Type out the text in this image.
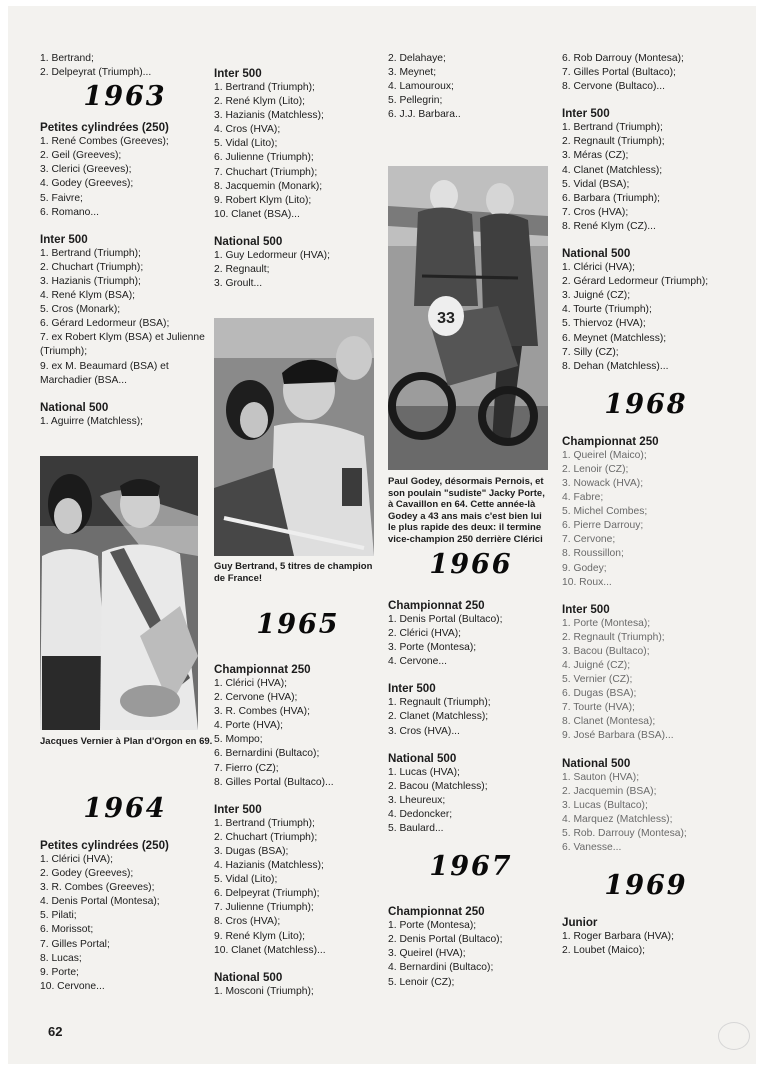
1. Bertrand;

2. Delpeyrat (Triumph)...

1963
Petites cylindrées (250)

1. René Combes (Greeves);

2. Geil (Greeves);

3. Clerici (Greeves);

4. Godey (Greeves);

5. Faivre;

6. Romano...

Inter 500

1. Bertrand (Triumph);

2. Chuchart (Triumph);

3. Hazianis (Triumph);

4. René Klym (BSA);

5. Cros (Monark);

6. Gérard Ledormeur (BSA);

7. ex Robert Klym (BSA) et Julienne (Triumph);

9. ex M. Beaumard (BSA) et Marchadier (BSA...

National 500

1. Aguirre (Matchless);

Jacques Vernier à Plan d'Orgon en 69.
1964
Petites cylindrées (250)

1. Clérici (HVA);

2. Godey (Greeves);

3. R. Combes (Greeves);

4. Denis Portal (Montesa);

5. Pilati;

6. Morissot;

7. Gilles Portal;

8. Lucas;

9. Porte;

10. Cervone...

Inter 500

1. Bertrand (Triumph);

2. René Klym (Lito);

3. Hazianis (Matchless);

4. Cros (HVA);

5. Vidal (Lito);

6. Julienne (Triumph);

7. Chuchart (Triumph);

8. Jacquemin (Monark);

9. Robert Klym (Lito);

10. Clanet (BSA)...

National 500

1. Guy Ledormeur (HVA);

2. Regnault;

3. Groult...

Guy Bertrand, 5 titres de champion de France!
1965
Championnat 250

1. Clérici (HVA);

2. Cervone (HVA);

3. R. Combes (HVA);

4. Porte (HVA);

5. Mompo;

6. Bernardini (Bultaco);

7. Fierro (CZ);

8. Gilles Portal (Bultaco)...

Inter 500

1. Bertrand (Triumph);

2. Chuchart (Triumph);

3. Dugas (BSA);

4. Hazianis (Matchless);

5. Vidal (Lito);

6. Delpeyrat (Triumph);

7. Julienne (Triumph);

8. Cros (HVA);

9. René Klym (Lito);

10. Clanet (Matchless)...

National 500

1. Mosconi (Triumph);

2. Delahaye;

3. Meynet;

4. Lamouroux;

5. Pellegrin;

6. J.J. Barbara..

33
Paul Godey, désormais Pernois, et son poulain "sudiste" Jacky Porte, à Cavaillon en 64. Cette année-là Godey a 43 ans mais c'est bien lui le plus rapide des deux: il termine vice-champion 250 derrière Clérici
1966
Championnat 250

1. Denis Portal (Bultaco);

2. Clérici (HVA);

3. Porte (Montesa);

4. Cervone...

Inter 500

1. Regnault (Triumph);

2. Clanet (Matchless);

3. Cros (HVA)...

National 500

1. Lucas (HVA);

2. Bacou (Matchless);

3. Lheureux;

4. Dedoncker;

5. Baulard...

1967
Championnat 250

1. Porte (Montesa);

2. Denis Portal (Bultaco);

3. Queirel (HVA);

4. Bernardini (Bultaco);

5. Lenoir (CZ);

6. Rob Darrouy (Montesa);

7. Gilles Portal (Bultaco);

8. Cervone (Bultaco)...

Inter 500

1. Bertrand (Triumph);

2. Regnault (Triumph);

3. Méras (CZ);

4. Clanet (Matchless);

5. Vidal (BSA);

6. Barbara (Triumph);

7. Cros (HVA);

8. René Klym (CZ)...

National 500

1. Clérici (HVA);

2. Gérard Ledormeur (Triumph);

3. Juigné (CZ);

4. Tourte (Triumph);

5. Thiervoz (HVA);

6. Meynet (Matchless);

7. Silly (CZ);

8. Dehan (Matchless)...

1968
Championnat 250

1. Queirel (Maico);

2. Lenoir (CZ);

3. Nowack (HVA);

4. Fabre;

5. Michel Combes;

6. Pierre Darrouy;

7. Cervone;

8. Roussillon;

9. Godey;

10. Roux...

Inter 500

1. Porte (Montesa);

2. Regnault (Triumph);

3. Bacou (Bultaco);

4. Juigné (CZ);

5. Vernier (CZ);

6. Dugas (BSA);

7. Tourte (HVA);

8. Clanet (Montesa);

9. José Barbara (BSA)...

National 500

1. Sauton (HVA);

2. Jacquemin (BSA);

3. Lucas (Bultaco);

4. Marquez (Matchless);

5. Rob. Darrouy (Montesa);

6. Vanesse...

1969
Junior

1. Roger Barbara (HVA);

2. Loubet (Maico);

62
